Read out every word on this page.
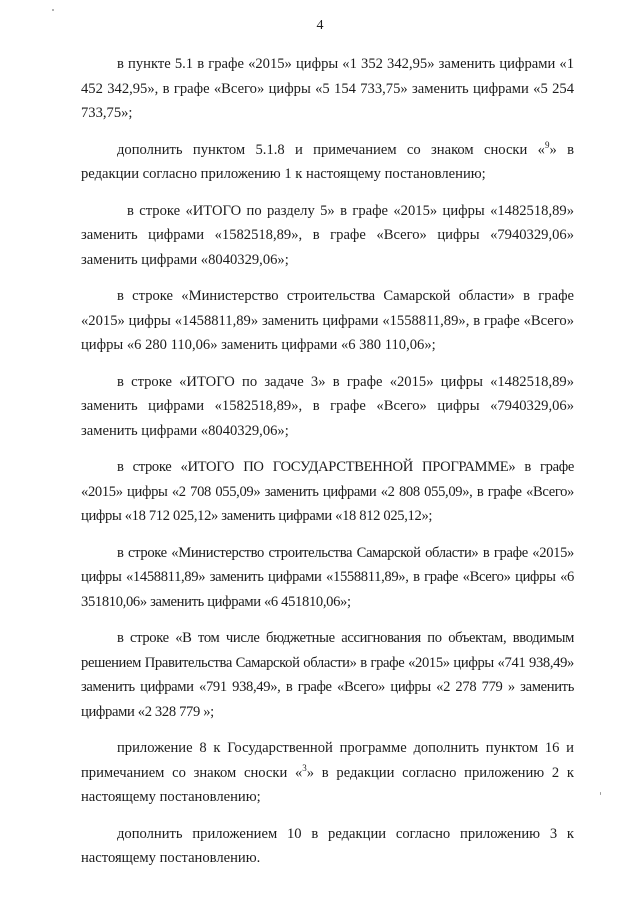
4

в пункте 5.1 в графе «2015» цифры «1 352 342,95» заменить цифрами «1 452 342,95», в графе «Всего» цифры «5 154 733,75» заменить цифрами «5 254 733,75»;

дополнить пунктом 5.1.8 и примечанием со знаком сноски «$^9$» в редакции согласно приложению 1 к настоящему постановлению;

в строке «ИТОГО по разделу 5» в графе «2015» цифры «1482518,89» заменить цифрами «1582518,89», в графе «Всего» цифры «7940329,06» заменить цифрами «8040329,06»;

в строке «Министерство строительства Самарской области» в графе «2015» цифры «1458811,89» заменить цифрами «1558811,89», в графе «Всего» цифры «6 280 110,06» заменить цифрами «6 380 110,06»;

в строке «ИТОГО по задаче 3» в графе «2015» цифры «1482518,89» заменить цифрами «1582518,89», в графе «Всего» цифры «7940329,06» заменить цифрами «8040329,06»;

в строке «ИТОГО ПО ГОСУДАРСТВЕННОЙ ПРОГРАММЕ» в графе «2015» цифры «2 708 055,09» заменить цифрами «2 808 055,09», в графе «Всего» цифры «18 712 025,12» заменить цифрами «18 812 025,12»;

в строке «Министерство строительства Самарской области» в графе «2015» цифры «1458811,89» заменить цифрами «1558811,89», в графе «Всего» цифры «6 351810,06» заменить цифрами «6 451810,06»;

в строке «В том числе бюджетные ассигнования по объектам, вводимым решением Правительства Самарской области» в графе «2015» цифры «741 938,49» заменить цифрами «791 938,49», в графе «Всего» цифры «2 278 779 » заменить цифрами «2 328 779 »;

приложение 8 к Государственной программе дополнить пунктом 16 и примечанием со знаком сноски «$^3$» в редакции согласно приложению 2 к настоящему постановлению;

дополнить приложением 10 в редакции согласно приложению 3 к настоящему постановлению.
